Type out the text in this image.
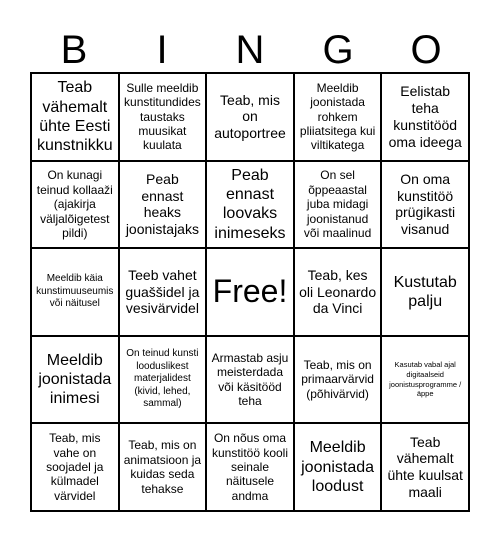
B	I	N	G	O
Teab vähemalt ühte Eesti kunstnikku
Sulle meeldib kunstitundides taustaks muusikat kuulata
Teab, mis on autoportree
Meeldib joonistada rohkem pliiatsitega kui viltikatega
Eelistab teha kunstitööd oma ideega
On kunagi teinud kollaaži (ajakirja väljalõigetest pildi)
Peab ennast heaks joonistajaks
Peab ennast loovaks inimeseks
On sel õppeaastal juba midagi joonistanud või maalinud
On oma kunstitöö prügikasti visanud
Meeldib käia kunstimuuseumis või näitusel
Teeb vahet guaššidel ja vesivärvidel Free!	Teab, kes oli Leonardo da Vinci
Kustutab palju
Meeldib joonistada inimesi
On teinud kunsti looduslikest materjalidest (kivid, lehed, sammal)
Armastab asju meisterdada või käsitööd teha
Teab, mis on primaarvärvid (põhivärvid)
Kasutab vabal ajal digitaalseid joonistusprogramme / äppe
Teab, mis vahe on soojadel ja külmadel värvidel
Teab, mis on animatsioon ja kuidas seda tehakse
On nõus oma kunstitöö kooli seinale näitusele andma
Meeldib joonistada loodust
Teab vähemalt ühte kuulsat maali
